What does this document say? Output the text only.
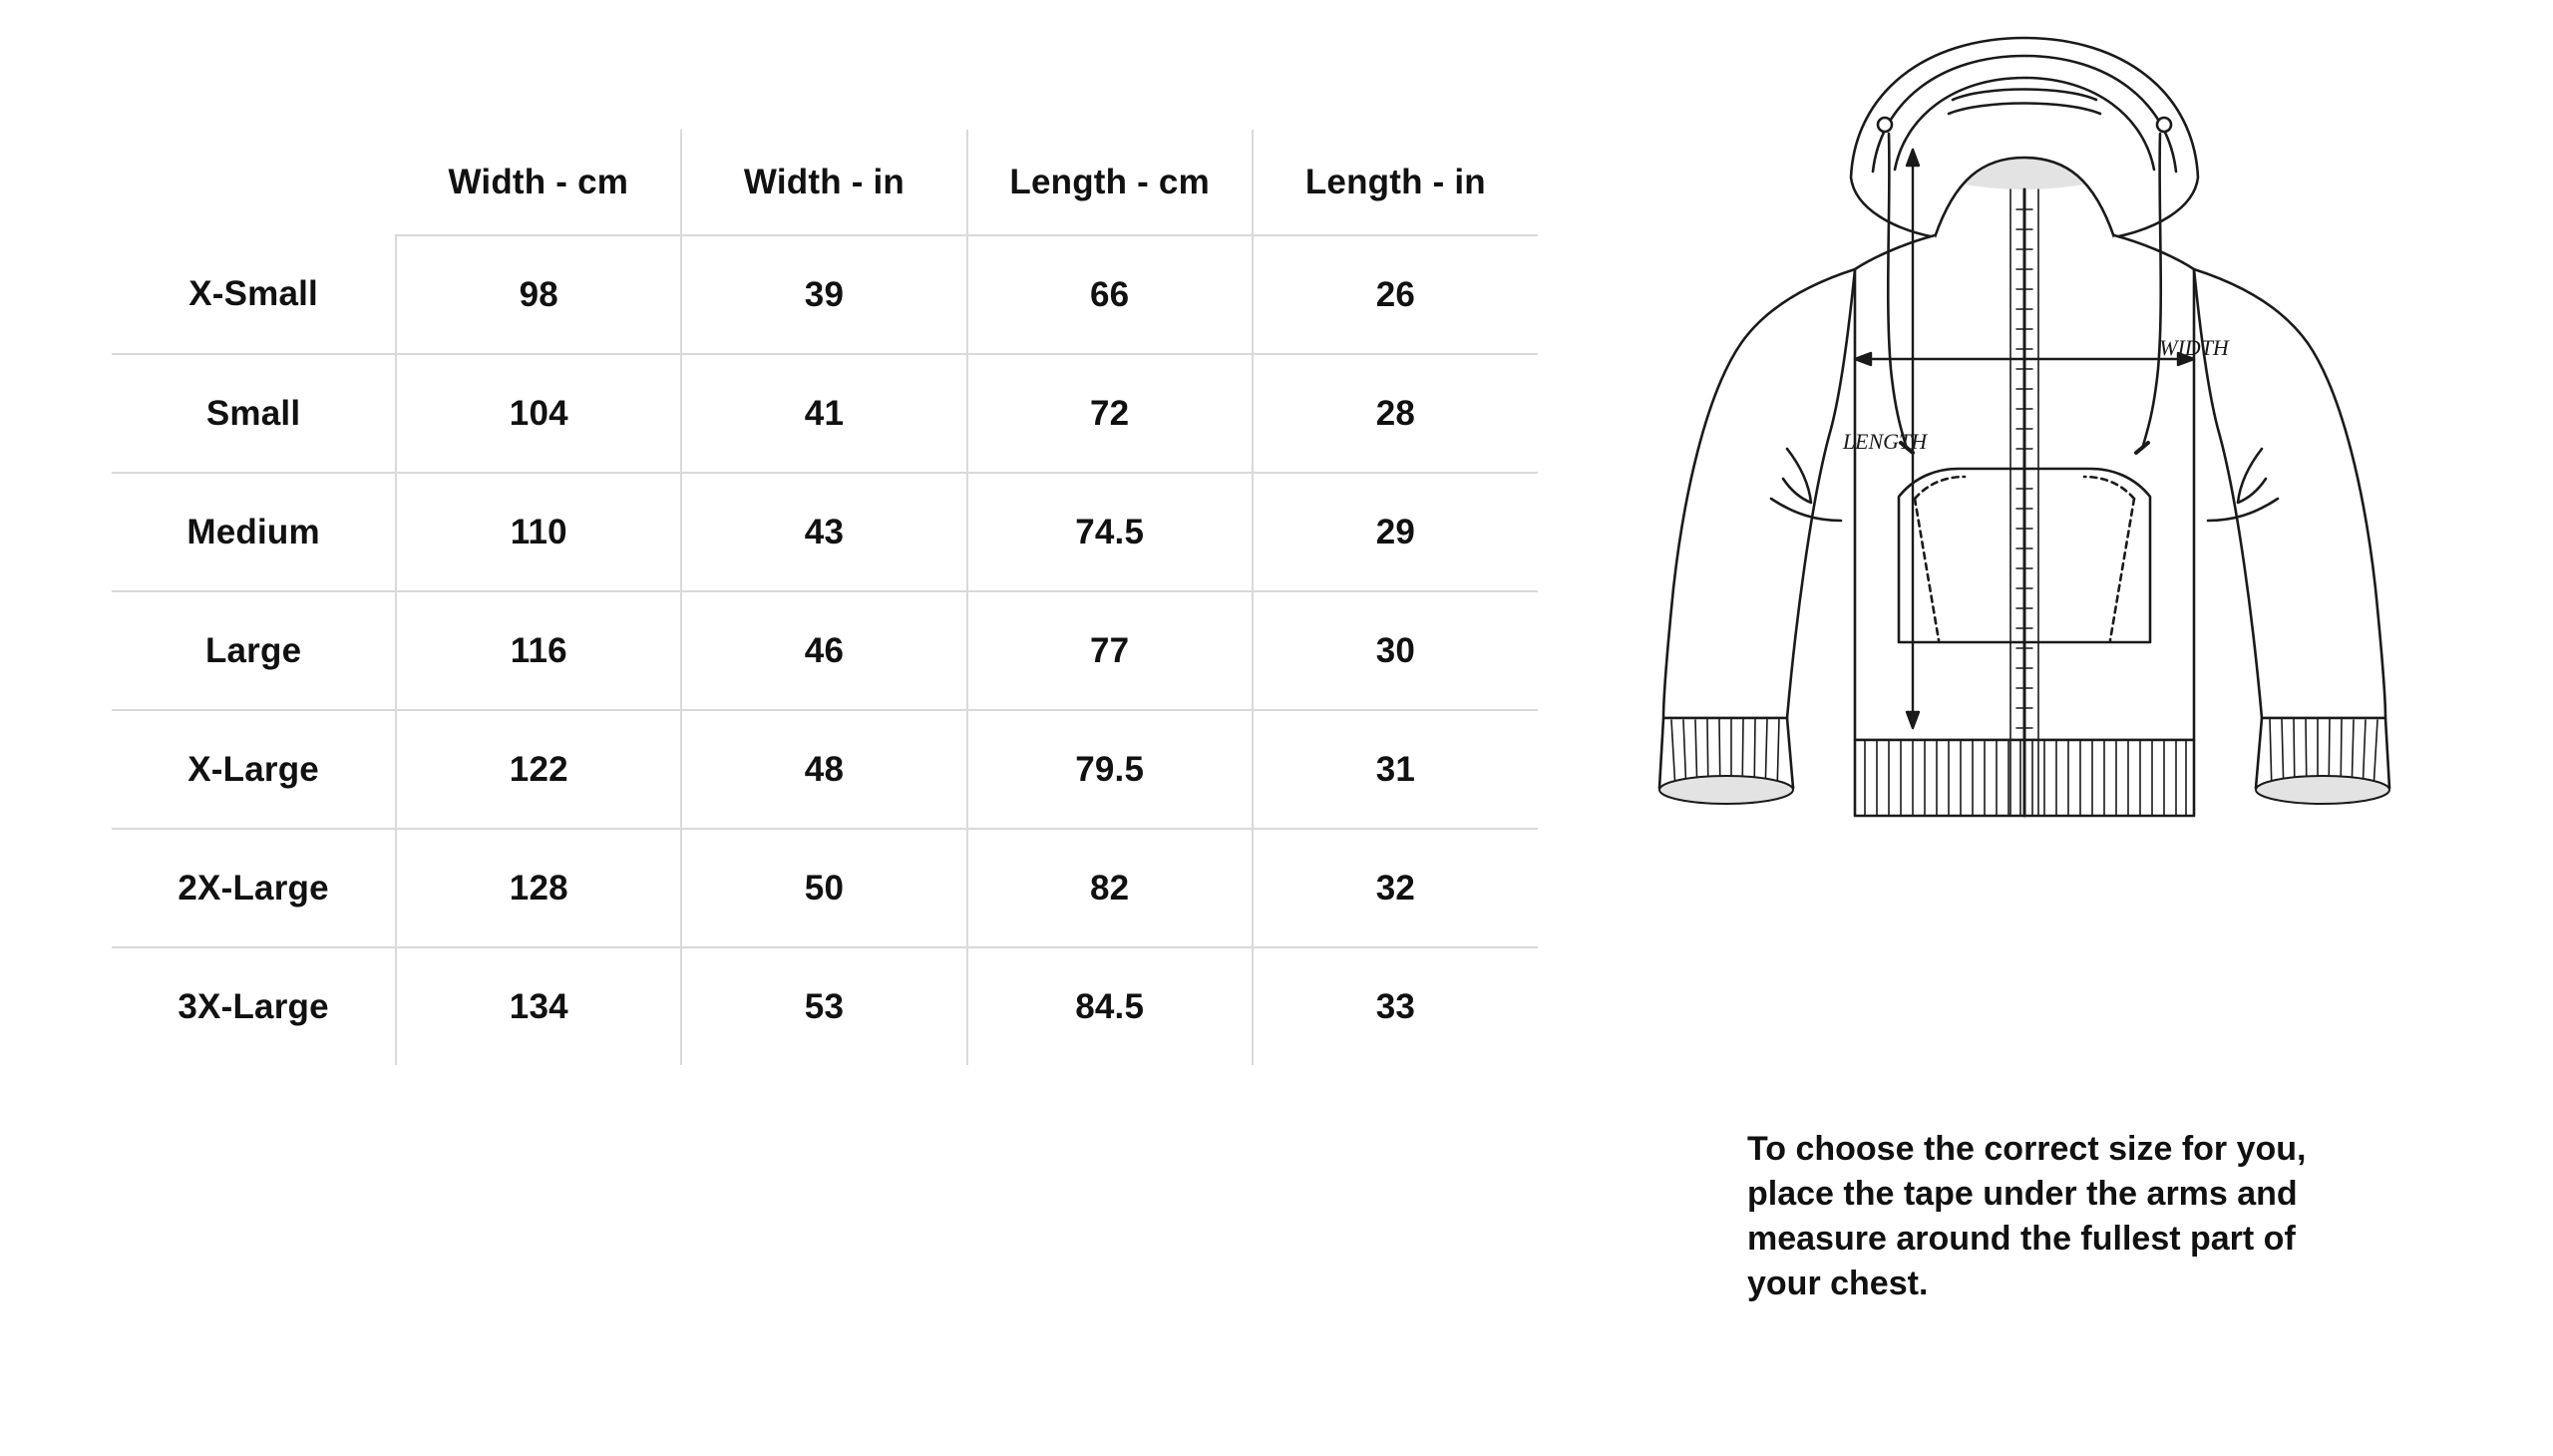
	Width - cm	Width - in	Length - cm	Length - in
X-Small	98	39	66	26
Small	104	41	72	28
Medium	110	43	74.5	29
Large	116	46	77	30
X-Large	122	48	79.5	31
2X-Large	128	50	82	32
3X-Large	134	53	84.5	33
WIDTH
LENGTH
To choose the correct size for you, place the tape under the arms and measure around the fullest part of your chest.
